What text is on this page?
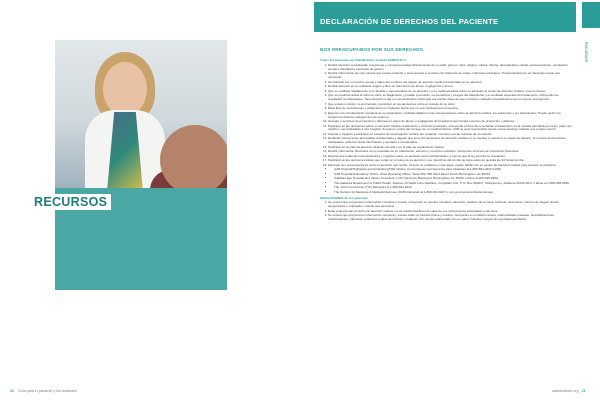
RECURSOS
10 Guía para el paciente y los visitantes
DECLARACIÓN DE DERECHOS DEL PACIENTE
RECURSOS
NOS PREOCUPAMOS POR SUS DERECHOS.
Todos los pacientes de UAB Medicine tendrán DERECHO A:
1. Recibir atención considerada, respetuosa y compasiva independientemente de su edad, género, raza, religión, cultura, idioma, discapacidad, estado socioeconómico, orientación sexual e identidad o expresión de género.
2. Recibir información de una manera que pueda entender y tener acceso a servicios de intérprete de señas e idiomas extranjeros. Proporcionaremos un intérprete según sea necesario.
3. Ser llamado por su nombre propio y saber los nombres del equipo de atención médica involucrado en su atención.
4. Recibir atención en un ambiente seguro y libre de toda forma de abuso, negligencia o acoso.
5. Que se notifique rápidamente a un familiar o representante de su elección y a su médico/médica sobre su admisión al centro de atención médica, si así lo desea.
6. Que su médico/médica le informe sobre su diagnóstico y posible pronóstico, los beneficios y riesgos del tratamiento y el resultado esperado del tratamiento, incluyendo los resultados no anticipados. Tiene derecho a dar su consentimiento informado por escrito antes de que comience cualquier procedimiento que no sea de emergencia.
7. Que exista un doctor, lo enumerado y participar en las decisiones sobre el manejo de su dolor.
8. Estar libre de restricciones y aislamiento en cualquier forma que no sea médicamente necesaria.
9. Esperar una consideración completa de su privacidad y confidencialidad en las conversaciones sobre la atención médica, los exámenes y los tratamientos. Puede pedir una chaperona durante cualquier tipo de examen.
10. Acceder a servicios de protección y defensa en casos de abuso o negligencia. El hospital proporcionará recursos de protección y defensa.
11. Participar en las decisiones sobre su atención médica, tratamiento y servicios prestados, incluyendo el derecho a rechazar el tratamiento en la medida permitida por la ley, pedir otro médico o ser trasladado a otro hospital. Si está en contra del consejo de su médico/médica, UAB no será responsable de las consecuencias médicas que pueden ocurrir.
12. Aceptar o negarse a participar en estudios de investigación médica. En cualquier momento puede retirarse de un estudio.
13. Redactar instrucciones anticipadas residenciales y alguien que tome las decisiones de atención médica en su nombre si usted no es capaz de hacerlo. Si no tiene instrucciones anticipadas, podemos darle información y ayudarlo a completarlas.
14. Participar en su plan de atención después del alta y en el plan de seguimiento médico.
15. Recibir información financiera como resultado de su tratamiento, atención y servicios recibidos, incluyendo recursos de orientación financiera.
16. Esperar que todas las comunicaciones y registros sobre su atención sean confidenciales, a menos que la ley permita su revelación.
17. Participar en las decisiones éticas que surjan en el curso de su atención. Los miembros del comité de ética están de guardia las 24 horas del día.
18. Expresar sus preocupaciones sobre la atención que recibe. Si tiene un problema o una queja, puede hablar con su equipo de atención médica para resolver el problema.
• UAB Hospital/Highlands and Ambulatory/HSF Clinics: Comuníquese con Servicios para Visitantes al 1-800-594-3432 (UAB).
• UAB Hospital/Ambulatory Clinics, Chief Operating Officer, Suite 552, 500 22nd Street South, Birmingham, AL 35233.
• Callahan Eye Hospital and Clinics: President, 1720 University Boulevard, Birmingham, AL 35233 o llame al 205-325-8390.
• The Alabama Department of Public Health, Division of Health Care Facilities, Complaint Unit, P. O. Box 303017, Montgomery, Alabama 36130-3017 o llame al 1-800-356-9596.
• The Joint Commission (TJC) llamando al 1-800-994-6610.
• The Centers for Medicare & Medicaid Services (CMS) llamando al 1-800-633-4227 o cms.gov/center/ombudsman.asp.
OBLIGACIONES de los pacientes
1. Se espera que proporcione información completa y exacta, incluyendo su nombre completo, dirección, teléfono de su casa, fecha de nacimiento, número de Seguro Social, aseguradora y empleador, cuando sea necesario.
2. Debe proporcionar al centro de atención médica o a su médico/médica una copia de sus instrucciones anticipadas si las tiene.
3. Se espera que proporcione información completa y exacta sobre su historia clínica y médica, incluyendo su condición actual, enfermedades pasadas, hospitalizaciones, medicamentos, vitaminas, productos a base de hierbas y cualquier otro asunto relacionado con su salud, incluidos riesgos de seguridad percibidos.
uabmedicine.org 11
